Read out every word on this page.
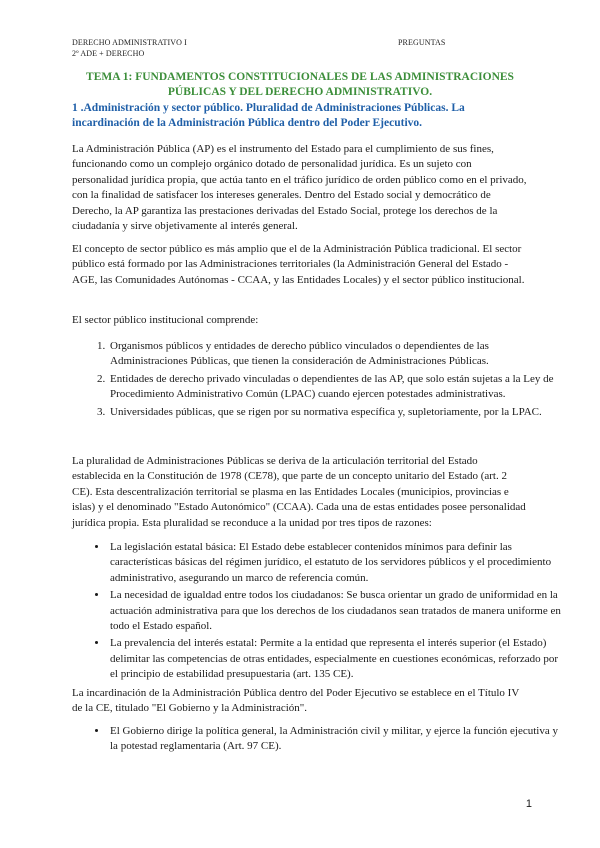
DERECHO ADMINISTRATIVO I
2º ADE + DERECHO
PREGUNTAS
TEMA 1: FUNDAMENTOS CONSTITUCIONALES DE LAS ADMINISTRACIONES PÚBLICAS Y DEL DERECHO ADMINISTRATIVO.
1 .Administración y sector público. Pluralidad de Administraciones Públicas. La incardinación de la Administración Pública dentro del Poder Ejecutivo.

La Administración Pública (AP) es el instrumento del Estado para el cumplimiento de sus fines, funcionando como un complejo orgánico dotado de personalidad jurídica. Es un sujeto con personalidad jurídica propia, que actúa tanto en el tráfico jurídico de orden público como en el privado, con la finalidad de satisfacer los intereses generales. Dentro del Estado social y democrático de Derecho, la AP garantiza las prestaciones derivadas del Estado Social, protege los derechos de la ciudadanía y sirve objetivamente al interés general.

El concepto de sector público es más amplio que el de la Administración Pública tradicional. El sector público está formado por las Administraciones territoriales (la Administración General del Estado - AGE, las Comunidades Autónomas - CCAA, y las Entidades Locales) y el sector público institucional.

El sector público institucional comprende:

1. Organismos públicos y entidades de derecho público vinculados o dependientes de las Administraciones Públicas, que tienen la consideración de Administraciones Públicas.
2. Entidades de derecho privado vinculadas o dependientes de las AP, que solo están sujetas a la Ley de Procedimiento Administrativo Común (LPAC) cuando ejercen potestades administrativas.
3. Universidades públicas, que se rigen por su normativa específica y, supletoriamente, por la LPAC.

La pluralidad de Administraciones Públicas se deriva de la articulación territorial del Estado establecida en la Constitución de 1978 (CE78), que parte de un concepto unitario del Estado (art. 2 CE). Esta descentralización territorial se plasma en las Entidades Locales (municipios, provincias e islas) y el denominado "Estado Autonómico" (CCAA). Cada una de estas entidades posee personalidad jurídica propia. Esta pluralidad se reconduce a la unidad por tres tipos de razones:

• La legislación estatal básica: El Estado debe establecer contenidos mínimos para definir las características básicas del régimen jurídico, el estatuto de los servidores públicos y el procedimiento administrativo, asegurando un marco de referencia común.
• La necesidad de igualdad entre todos los ciudadanos: Se busca orientar un grado de uniformidad en la actuación administrativa para que los derechos de los ciudadanos sean tratados de manera uniforme en todo el Estado español.
• La prevalencia del interés estatal: Permite a la entidad que representa el interés superior (el Estado) delimitar las competencias de otras entidades, especialmente en cuestiones económicas, reforzado por el principio de estabilidad presupuestaria (art. 135 CE).

La incardinación de la Administración Pública dentro del Poder Ejecutivo se establece en el Título IV de la CE, titulado "El Gobierno y la Administración".

• El Gobierno dirige la política general, la Administración civil y militar, y ejerce la función ejecutiva y la potestad reglamentaria (Art. 97 CE).
1
